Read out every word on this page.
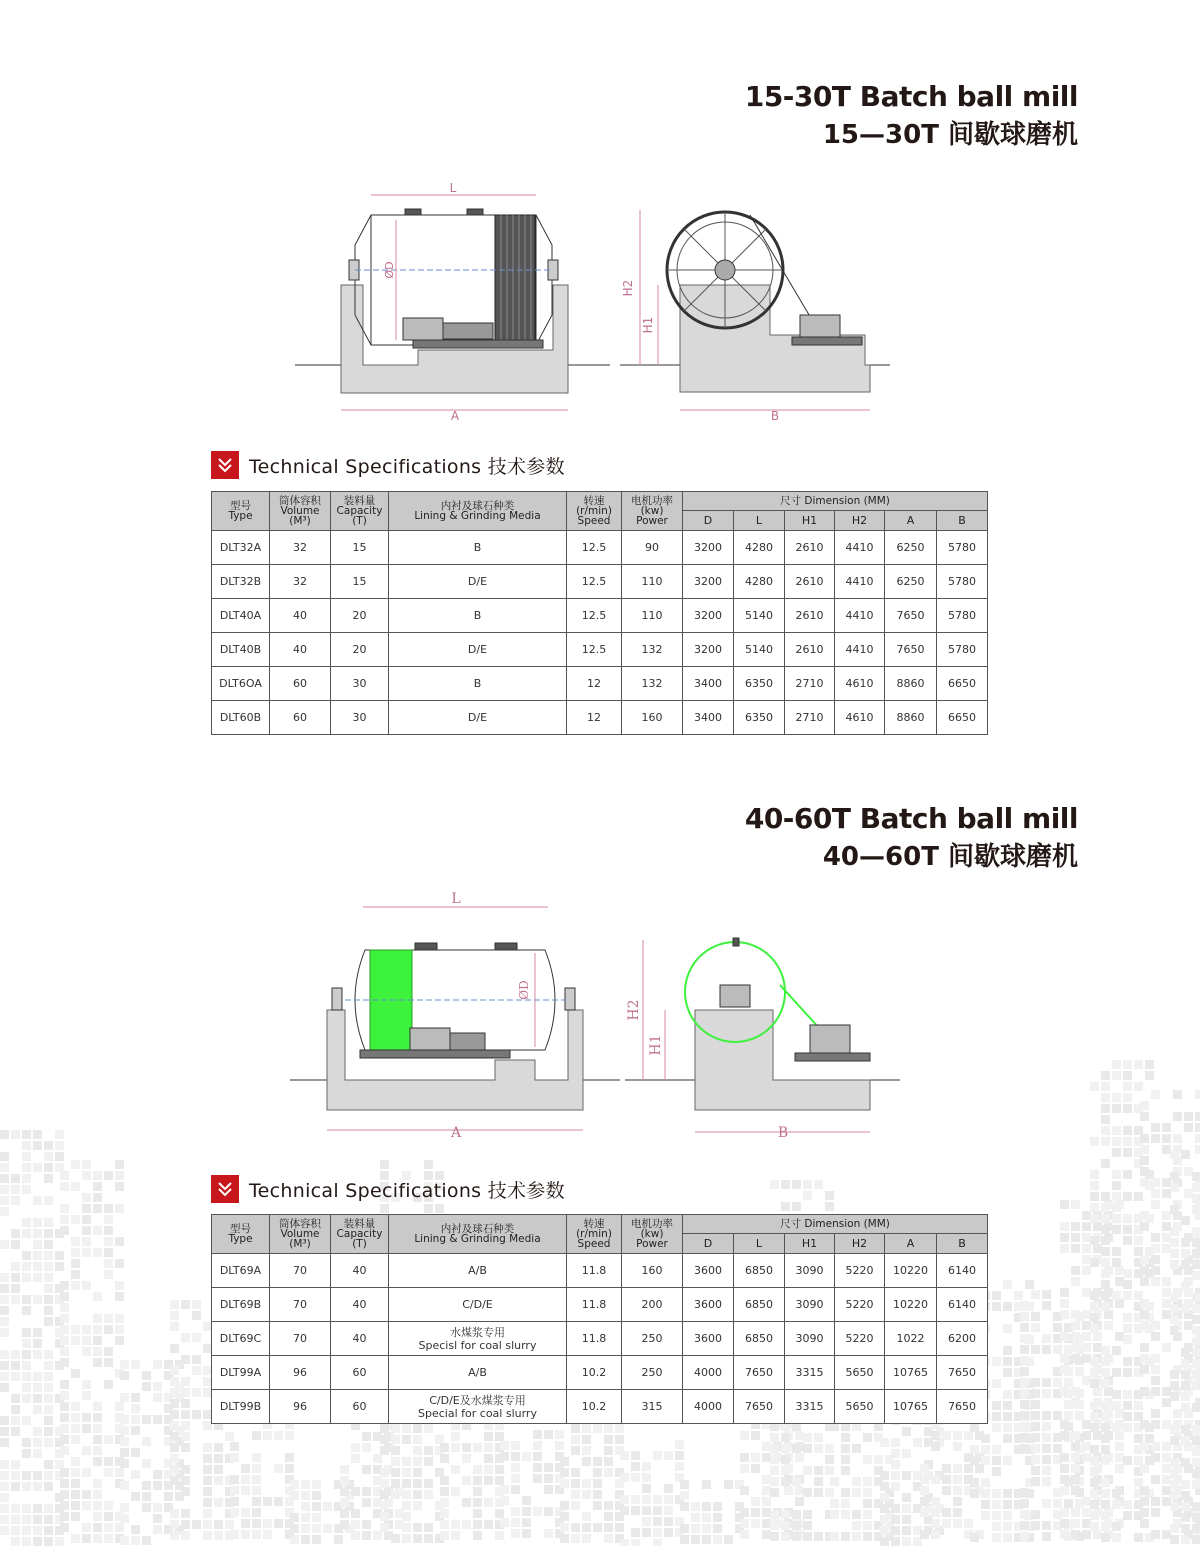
15-30T Batch ball mill
15—30T 间歇球磨机
L
ØD
A
H2
H1
B
Technical Specifications 技术参数
型号
Type	筒体容积
Volume
(M³)	装料量
Capacity
(T)	内衬及球石种类
Lining & Grinding Media	转速
(r/min)
Speed	电机功率
(kw)
Power	尺寸 Dimension (MM)					
						D	L	H1	H2	A	B
DLT32A	32	15	B	12.5	90	3200	4280	2610	4410	6250	5780
DLT32B	32	15	D/E	12.5	110	3200	4280	2610	4410	6250	5780
DLT40A	40	20	B	12.5	110	3200	5140	2610	4410	7650	5780
DLT40B	40	20	D/E	12.5	132	3200	5140	2610	4410	7650	5780
DLT6OA	60	30	B	12	132	3400	6350	2710	4610	8860	6650
DLT60B	60	30	D/E	12	160	3400	6350	2710	4610	8860	6650
40-60T Batch ball mill
40—60T 间歇球磨机
L
ØD
A
H2
H1
B
Technical Specifications 技术参数
型号
Type	筒体容积
Volume
(M³)	装料量
Capacity
(T)	内衬及球石种类
Lining & Grinding Media	转速
(r/min)
Speed	电机功率
(kw)
Power	尺寸 Dimension (MM)					
						D	L	H1	H2	A	B
DLT69A	70	40	A/B	11.8	160	3600	6850	3090	5220	10220	6140
DLT69B	70	40	C/D/E	11.8	200	3600	6850	3090	5220	10220	6140
DLT69C	70	40	水煤浆专用
Specisl for coal slurry	11.8	250	3600	6850	3090	5220	1022	6200
DLT99A	96	60	A/B	10.2	250	4000	7650	3315	5650	10765	7650
DLT99B	96	60	C/D/E及水煤浆专用
Special for coal slurry	10.2	315	4000	7650	3315	5650	10765	7650
